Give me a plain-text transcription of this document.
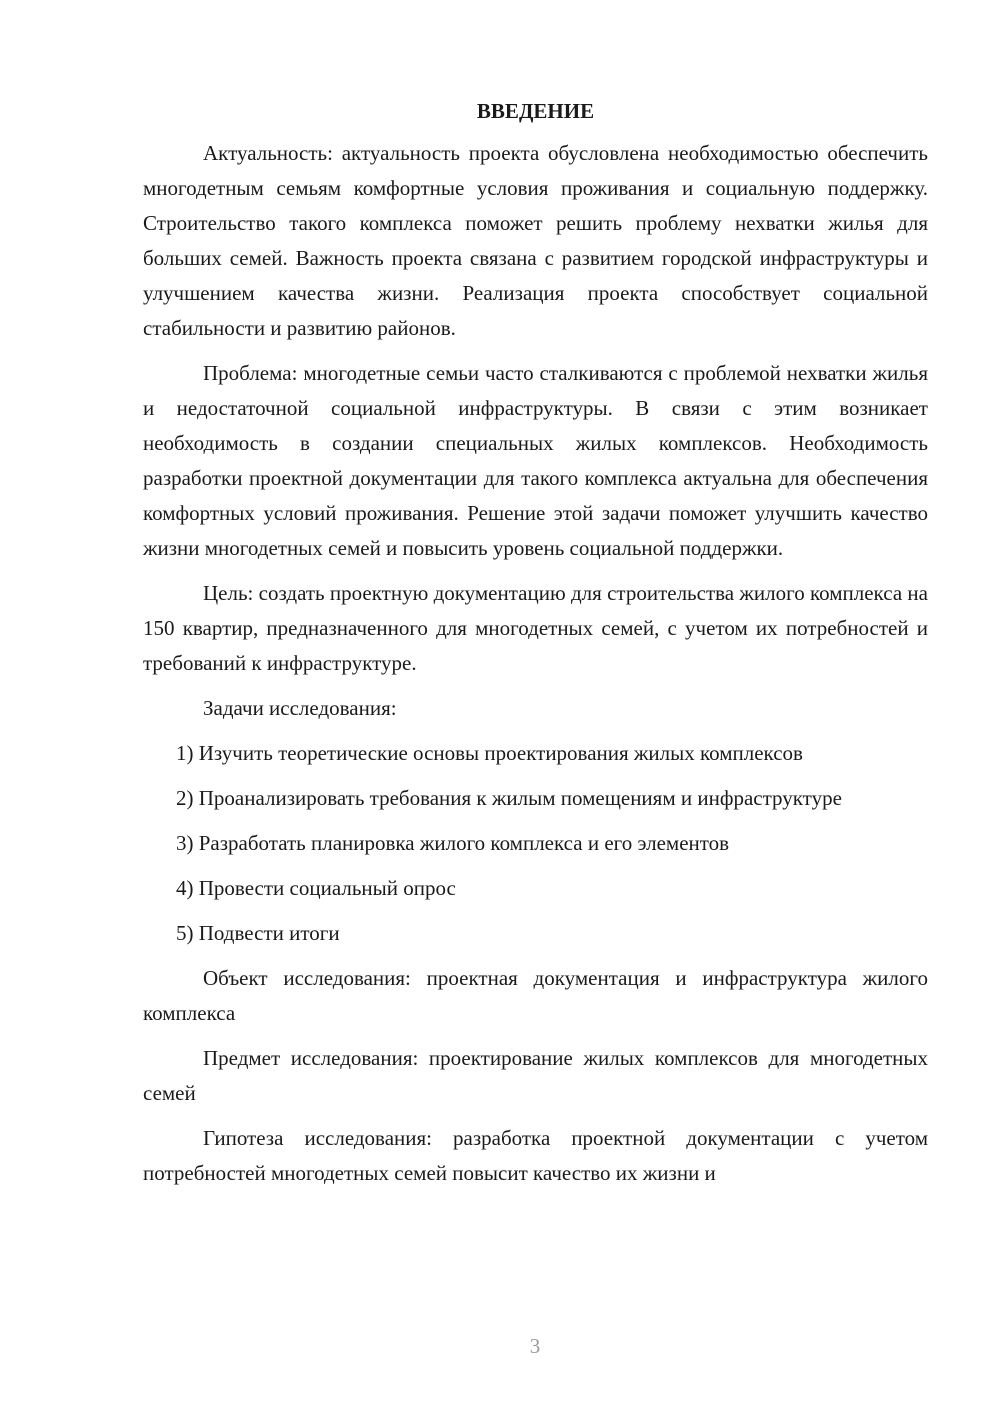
ВВЕДЕНИЕ
Актуальность: актуальность проекта обусловлена необходимостью обеспечить многодетным семьям комфортные условия проживания и социальную поддержку. Строительство такого комплекса поможет решить проблему нехватки жилья для больших семей. Важность проекта связана с развитием городской инфраструктуры и улучшением качества жизни. Реализация проекта способствует социальной стабильности и развитию районов.
Проблема: многодетные семьи часто сталкиваются с проблемой нехватки жилья и недостаточной социальной инфраструктуры. В связи с этим возникает необходимость в создании специальных жилых комплексов. Необходимость разработки проектной документации для такого комплекса актуальна для обеспечения комфортных условий проживания. Решение этой задачи поможет улучшить качество жизни многодетных семей и повысить уровень социальной поддержки.
Цель: создать проектную документацию для строительства жилого комплекса на 150 квартир, предназначенного для многодетных семей, с учетом их потребностей и требований к инфраструктуре.
Задачи исследования:
1) Изучить теоретические основы проектирования жилых комплексов
2) Проанализировать требования к жилым помещениям и инфраструктуре
3) Разработать планировка жилого комплекса и его элементов
4) Провести социальный опрос
5) Подвести итоги
Объект исследования: проектная документация и инфраструктура жилого комплекса
Предмет исследования: проектирование жилых комплексов для многодетных семей
Гипотеза исследования: разработка проектной документации с учетом потребностей многодетных семей повысит качество их жизни и
3
